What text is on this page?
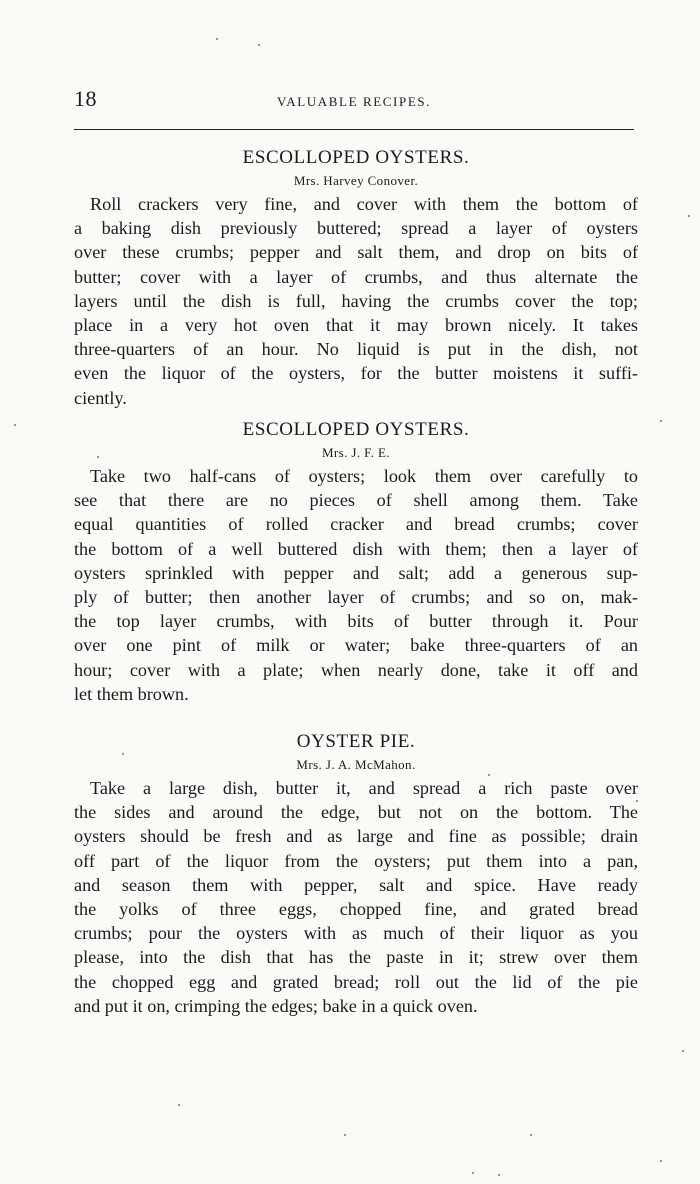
18	VALUABLE RECIPES.

ESCOLLOPED OYSTERS.

Mrs. Harvey Conover.

Roll crackers very fine, and cover with them the bottom of
a baking dish previously buttered; spread a layer of oysters
over these crumbs; pepper and salt them, and drop on bits of
butter; cover with a layer of crumbs, and thus alternate the
layers until the dish is full, having the crumbs cover the top;
place in a very hot oven that it may brown nicely. It takes
three-quarters of an hour. No liquid is put in the dish, not
even the liquor of the oysters, for the butter moistens it suffi-
ciently.

ESCOLLOPED OYSTERS.

Mrs. J. F. E.

Take two half-cans of oysters; look them over carefully to
see that there are no pieces of shell among them. Take
equal quantities of rolled cracker and bread crumbs; cover
the bottom of a well buttered dish with them; then a layer of
oysters sprinkled with pepper and salt; add a generous sup-
ply of butter; then another layer of crumbs; and so on, mak-
the top layer crumbs, with bits of butter through it. Pour
over one pint of milk or water; bake three-quarters of an
hour; cover with a plate; when nearly done, take it off and
let them brown.

OYSTER PIE.

Mrs. J. A. McMahon.

Take a large dish, butter it, and spread a rich paste over
the sides and around the edge, but not on the bottom. The
oysters should be fresh and as large and fine as possible; drain
off part of the liquor from the oysters; put them into a pan,
and season them with pepper, salt and spice. Have ready
the yolks of three eggs, chopped fine, and grated bread
crumbs; pour the oysters with as much of their liquor as you
please, into the dish that has the paste in it; strew over them
the chopped egg and grated bread; roll out the lid of the pie
and put it on, crimping the edges; bake in a quick oven.
